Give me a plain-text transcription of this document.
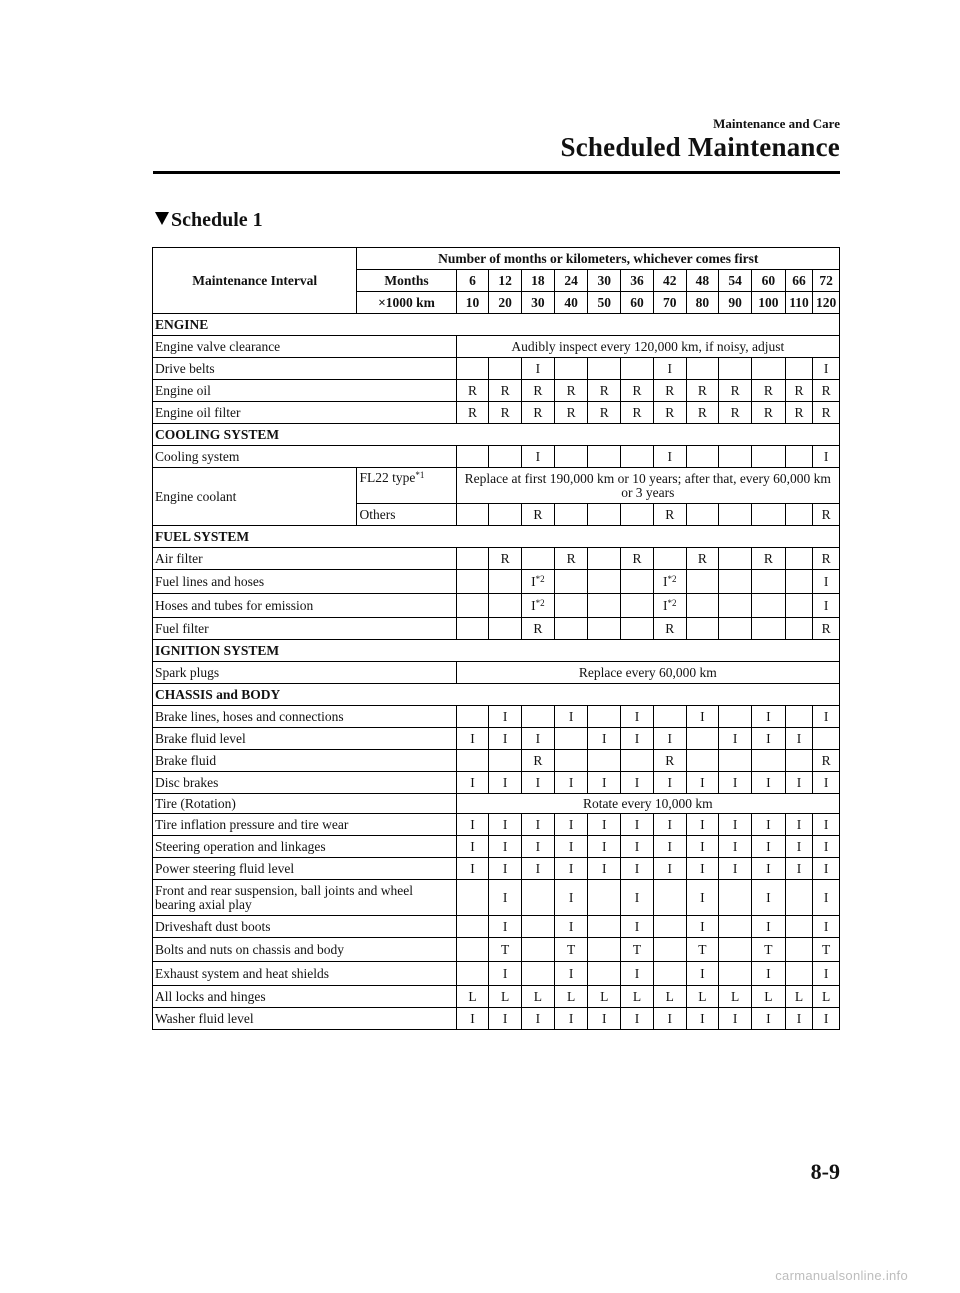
Maintenance and Care
Scheduled Maintenance
Schedule 1
Maintenance Interval	Number of months or kilometers, whichever comes first												
	Months	6	12	18	24	30	36	42	48	54	60	66	72
	×1000 km	10	20	30	40	50	60	70	80	90	100	110	120
ENGINE													
Engine valve clearance		Audibly inspect every 120,000 km, if noisy, adjust											
Drive belts				I				I					I
Engine oil		R	R	R	R	R	R	R	R	R	R	R	R
Engine oil filter		R	R	R	R	R	R	R	R	R	R	R	R
COOLING SYSTEM													
Cooling system				I				I					I
Engine coolant	FL22 type$^{*1}$	Replace at first 190,000 km or 10 years; after that, every 60,000 km or 3 years											
	Others			R				R					R
FUEL SYSTEM													
Air filter			R		R		R		R		R		R
Fuel lines and hoses				$I^{*2}$				$I^{*2}$					I
Hoses and tubes for emission				$I^{*2}$				$I^{*2}$					I
Fuel filter				R				R					R
IGNITION SYSTEM													
Spark plugs		Replace every 60,000 km											
CHASSIS and BODY													
Brake lines, hoses and connections			I		I		I		I		I		I
Brake fluid level		I	I	I		I	I	I		I	I	I	
Brake fluid				R				R					R
Disc brakes		I	I	I	I	I	I	I	I	I	I	I	I
Tire (Rotation)		Rotate every 10,000 km											
Tire inflation pressure and tire wear		I	I	I	I	I	I	I	I	I	I	I	I
Steering operation and linkages		I	I	I	I	I	I	I	I	I	I	I	I
Power steering fluid level		I	I	I	I	I	I	I	I	I	I	I	I
Front and rear suspension, ball joints and wheel
bearing axial play			I		I		I		I		I		I
Driveshaft dust boots			I		I		I		I		I		I
Bolts and nuts on chassis and body			T		T		T		T		T		T
Exhaust system and heat shields			I		I		I		I		I		I
All locks and hinges		L	L	L	L	L	L	L	L	L	L	L	L
Washer fluid level		I	I	I	I	I	I	I	I	I	I	I	I
8-9
carmanualsonline.info
